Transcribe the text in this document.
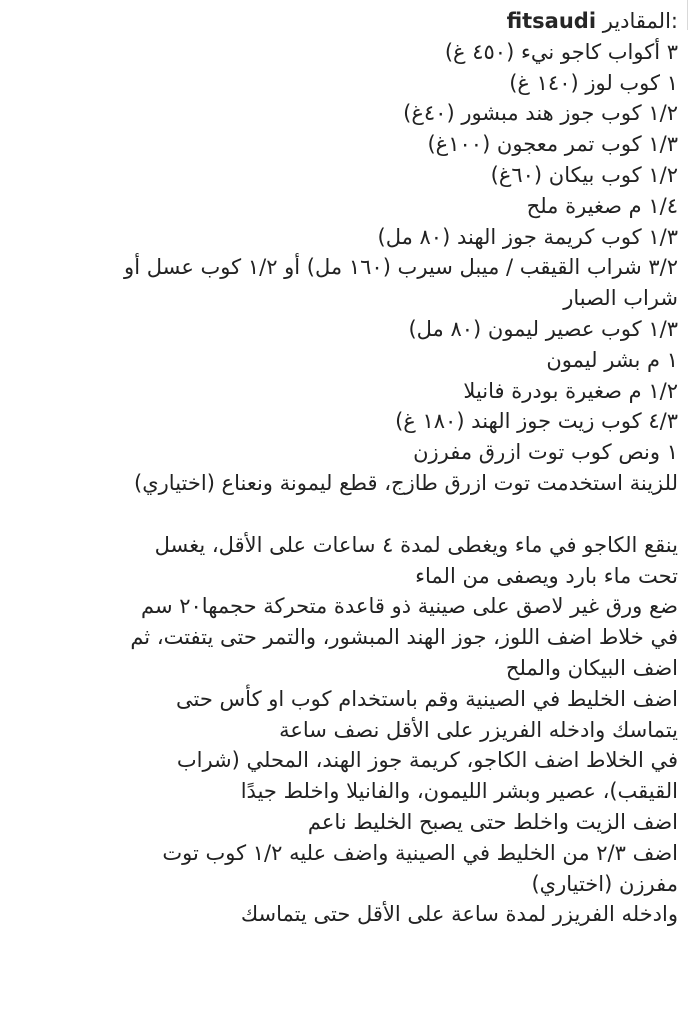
fitsaudi المقادير:
٣ أكواب كاجو نيء (٤٥٠ غ)
١ كوب لوز (١٤٠ غ)
١/٢ كوب جوز هند مبشور (٤٠غ)
١/٣ كوب تمر معجون (١٠٠غ)
١/٢ كوب بيكان (٦٠غ)
١/٤ م صغيرة ملح
١/٣ كوب كريمة جوز الهند (٨٠ مل)
٣/٢ شراب القيقب / ميبل سيرب (١٦٠ مل) أو ١/٢ كوب عسل أو
شراب الصبار
١/٣ كوب عصير ليمون (٨٠ مل)
١ م بشر ليمون
١/٢ م صغيرة بودرة فانيلا
٤/٣ كوب زيت جوز الهند (١٨٠ غ)
١ ونص كوب توت ازرق مفرزن
للزينة استخدمت توت ازرق طازج، قطع ليمونة ونعناع (اختياري)
ينقع الكاجو في ماء ويغطى لمدة ٤ ساعات على الأقل، يغسل
تحت ماء بارد ويصفى من الماء
ضع ورق غير لاصق على صينية ذو قاعدة متحركة حجمها٢٠ سم
في خلاط اضف اللوز، جوز الهند المبشور، والتمر حتى يتفتت، ثم
اضف البيكان والملح
اضف الخليط في الصينية وقم باستخدام كوب او كأس حتى
يتماسك وادخله الفريزر على الأقل نصف ساعة
في الخلاط اضف الكاجو، كريمة جوز الهند، المحلي (شراب
القيقب)، عصير وبشر الليمون، والفانيلا واخلط جيدًا
اضف الزيت واخلط حتى يصبح الخليط ناعم
اضف ٢/٣ من الخليط في الصينية واضف عليه ١/٢ كوب توت
مفرزن (اختياري)
وادخله الفريزر لمدة ساعة على الأقل حتى يتماسك
